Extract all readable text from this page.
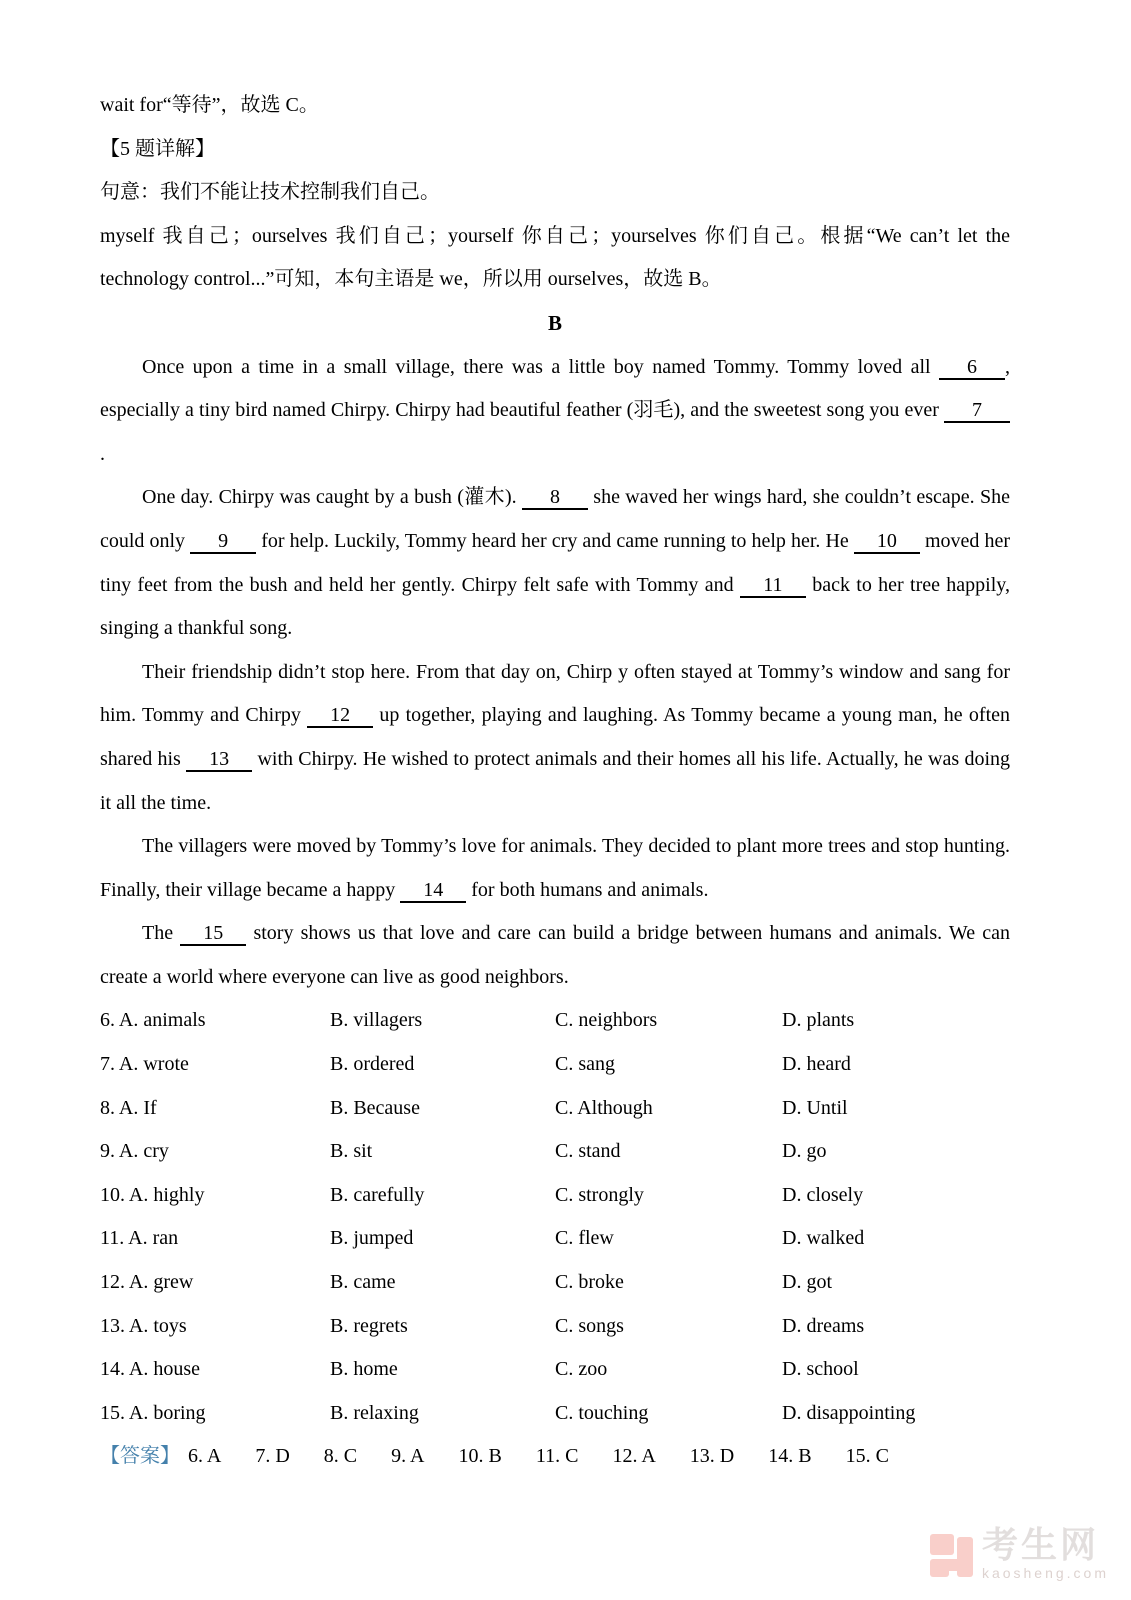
wait for“等待”，故选 C。

【5 题详解】

句意：我们不能让技术控制我们自己。

myself 我自己；ourselves 我们自己；yourself 你自己；yourselves 你们自己。根据“We can’t let the technology control...”可知，本句主语是 we，所以用 ourselves，故选 B。

B

Once upon a time in a small village, there was a little boy named Tommy. Tommy loved all 6 , especially a tiny bird named Chirpy. Chirpy had beautiful feather (羽毛), and the sweetest song you ever 7.

One day. Chirpy was caught by a bush (灌木). 8 she waved her wings hard, she couldn’t escape. She could only 9 for help. Luckily, Tommy heard her cry and came running to help her. He 10 moved her tiny feet from the bush and held her gently. Chirpy felt safe with Tommy and 11 back to her tree happily, singing a thankful song.

Their friendship didn’t stop here. From that day on, Chirp y often stayed at Tommy’s window and sang for him. Tommy and Chirpy 12 up together, playing and laughing. As Tommy became a young man, he often shared his 13 with Chirpy. He wished to protect animals and their homes all his life. Actually, he was doing it all the time.

The villagers were moved by Tommy’s love for animals. They decided to plant more trees and stop hunting. Finally, their village became a happy 14 for both humans and animals.

The 15 story shows us that love and care can build a bridge between humans and animals. We can create a world where everyone can live as good neighbors.

6. A. animals	B. villagers	C. neighbors	D. plants
7. A. wrote	B. ordered	C. sang	D. heard
8. A. If	B. Because	C. Although	D. Until
9. A. cry	B. sit	C. stand	D. go
10. A. highly	B. carefully	C. strongly	D. closely
11. A. ran	B. jumped	C. flew	D. walked
12. A. grew	B. came	C. broke	D. got
13. A. toys	B. regrets	C. songs	D. dreams
14. A. house	B. home	C. zoo	D. school
15. A. boring	B. relaxing	C. touching	D. disappointing
【答案】 6. A 7. D 8. C 9. A 10. B 11. C 12. A 13. D 14. B 15. C
考生网
kaosheng.com
